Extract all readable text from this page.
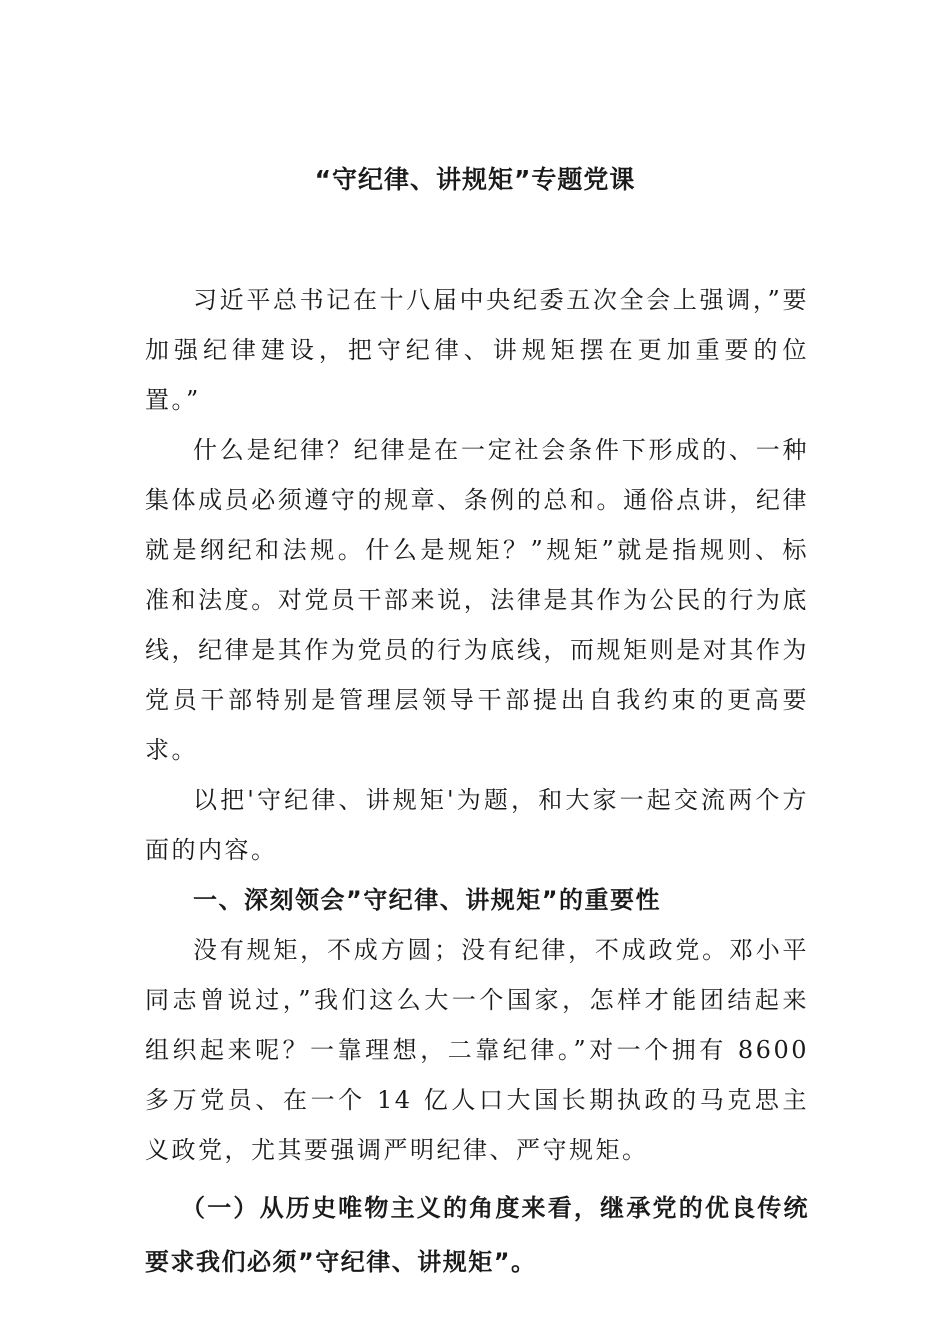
“守纪律、讲规矩”专题党课

习近平总书记在十八届中央纪委五次全会上强调，”要加强纪律建设，把守纪律、讲规矩摆在更加重要的位置。”

什么是纪律？纪律是在一定社会条件下形成的、一种集体成员必须遵守的规章、条例的总和。通俗点讲，纪律就是纲纪和法规。什么是规矩？”规矩”就是指规则、标准和法度。对党员干部来说，法律是其作为公民的行为底线，纪律是其作为党员的行为底线，而规矩则是对其作为党员干部特别是管理层领导干部提出自我约束的更高要求。

以把'守纪律、讲规矩'为题，和大家一起交流两个方面的内容。

一、深刻领会”守纪律、讲规矩”的重要性

没有规矩，不成方圆；没有纪律，不成政党。邓小平同志曾说过，”我们这么大一个国家，怎样才能团结起来组织起来呢？一靠理想，二靠纪律。”对一个拥有 8600 多万党员、在一个 14 亿人口大国长期执政的马克思主义政党，尤其要强调严明纪律、严守规矩。

（一）从历史唯物主义的角度来看，继承党的优良传统要求我们必须”守纪律、讲规矩”。
